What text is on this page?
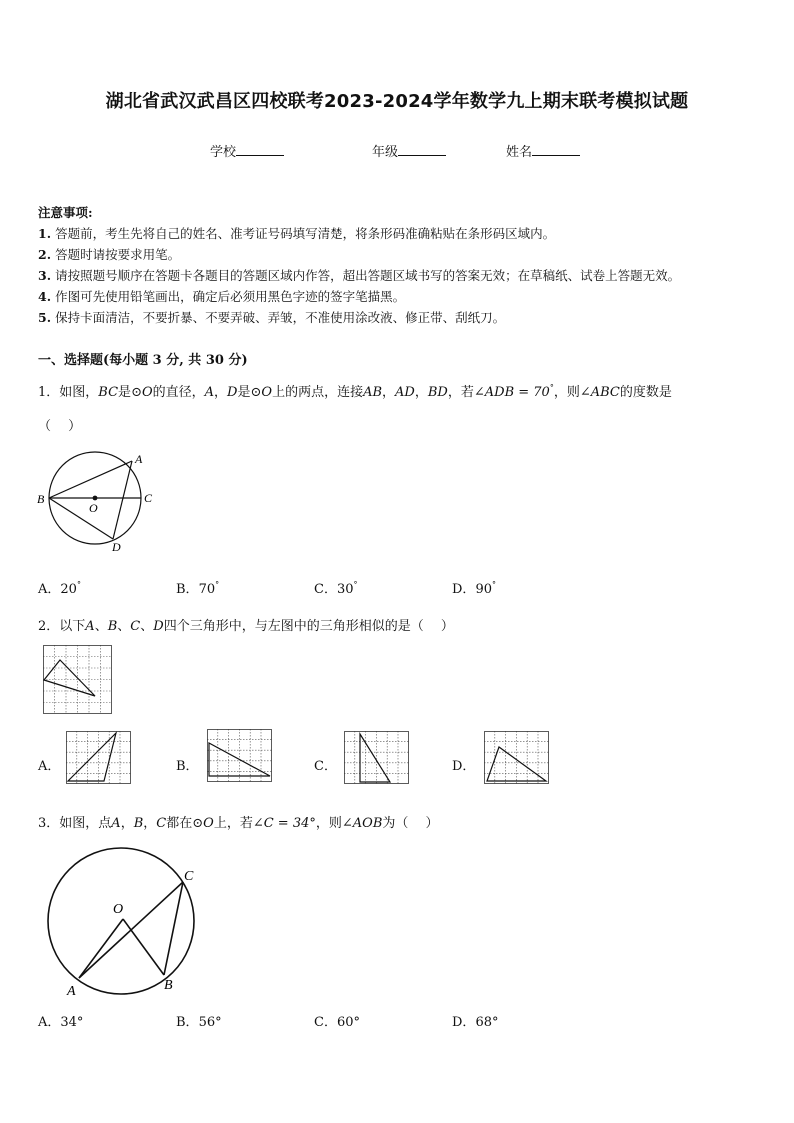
湖北省武汉武昌区四校联考2023-2024学年数学九上期末联考模拟试题
学校	年级	姓名
注意事项:
1. 答题前，考生先将自己的姓名、准考证号码填写清楚，将条形码准确粘贴在条形码区域内。
2. 答题时请按要求用笔。
3. 请按照题号顺序在答题卡各题目的答题区域内作答，超出答题区域书写的答案无效；在草稿纸、试卷上答题无效。
4. 作图可先使用铅笔画出，确定后必须用黑色字迹的签字笔描黑。
5. 保持卡面清洁，不要折暴、不要弄破、弄皱，不准使用涂改液、修正带、刮纸刀。
一、选择题(每小题 3 分, 共 30 分)
1．如图，BC是⊙O的直径，A，D是⊙O上的两点，连接AB，AD，BD，若∠ADB = 70°，则∠ABC的度数是
（　 ）
A
B	C
D
O
A．20°	B．70°	C．30°	D．90°
2．以下A、B、C、D四个三角形中，与左图中的三角形相似的是（　 ）
A．	B．	C．	D．
3．如图，点A，B，C都在⊙O上，若∠C = 34°，则∠AOB为（　 ）
A	B
C
O
A．34°	B．56°	C．60°	D．68°
